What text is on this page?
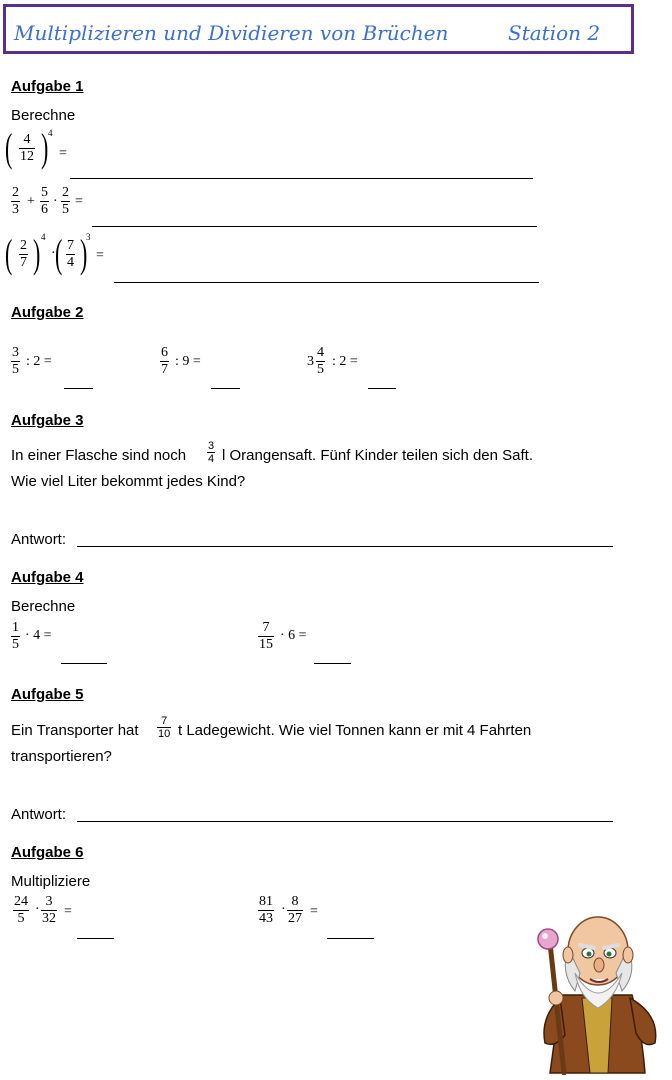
Multiplizieren und Dividieren von Brüchen	Station 2
Aufgabe 1
Berechne
( $\frac{4}{12}$ ) 4
=
$\frac{2}{3} + \frac{5}{6} \cdot \frac{2}{5}$ =
( $\frac{2}{7}$ ) 4
· ( $\frac{7}{4}$ )
3
=
Aufgabe 2
$\frac{3}{5}$ : 2 =	$\frac{6}{7}$ : 9 =	$3 \frac{4}{5}$ : 2 =
Aufgabe 3
In einer Flasche sind noch $\frac{3}{4}$ l Orangensaft. Fünf Kinder teilen sich den Saft.
Wie viel Liter bekommt jedes Kind?
Antwort:
Aufgabe 4
Berechne
$\frac{1}{5} \cdot 4$ =	$\frac{7}{15} \cdot 6$ =
Aufgabe 5
Ein Transporter hat $\frac{7}{10}$ t Ladegewicht. Wie viel Tonnen kann er mit 4 Fahrten
transportieren?
Antwort:
Aufgabe 6
Multipliziere
$\frac{24}{5} \cdot \frac{3}{32}$ =	$\frac{81}{43} \cdot \frac{8}{27}$ =
